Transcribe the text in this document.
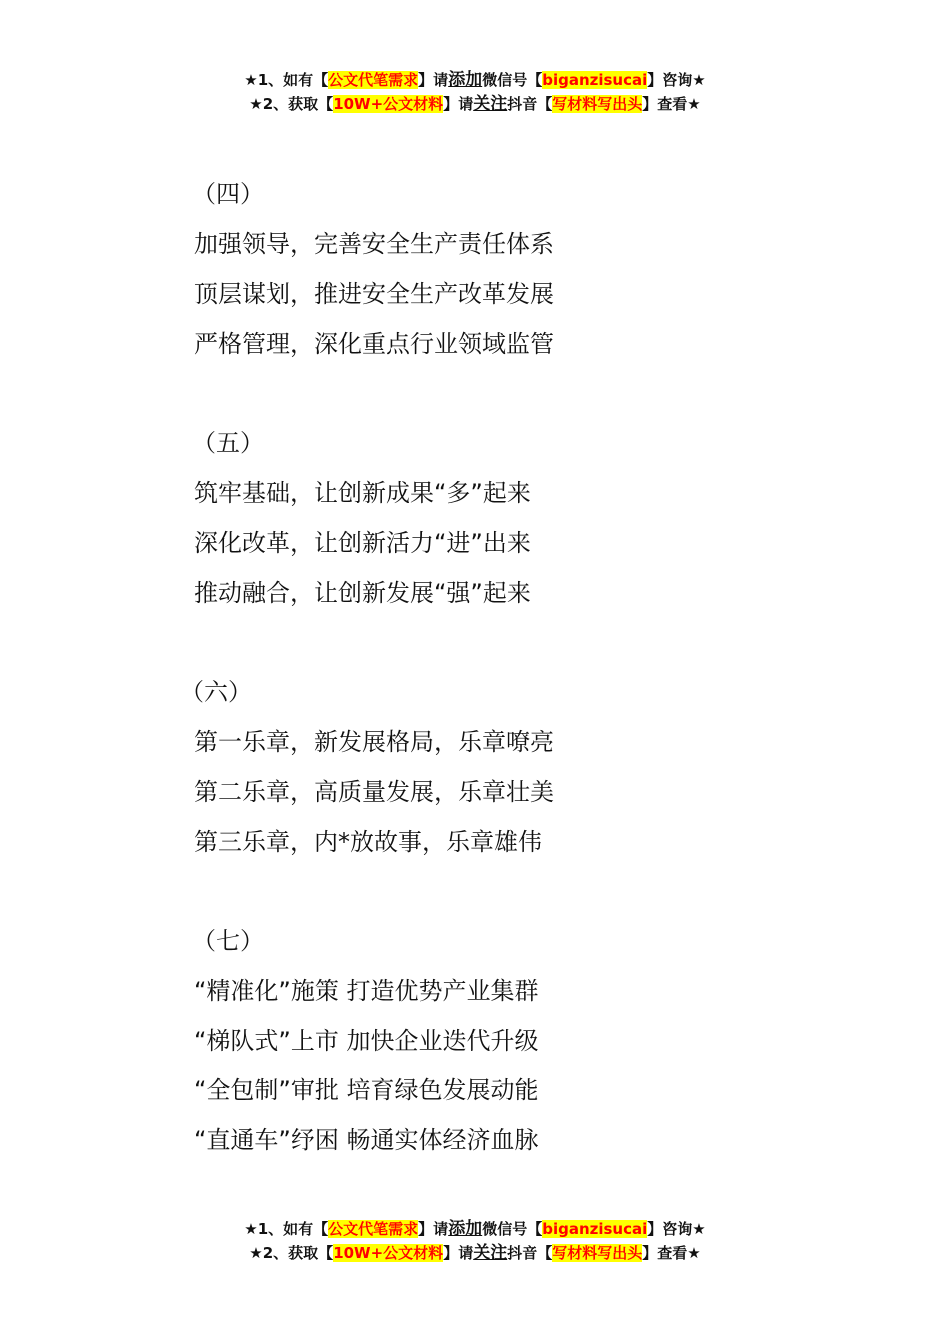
★1、如有【公文代笔需求】请添加微信号【biganzisucai】咨询★
★2、获取【10W+公文材料】请关注抖音【写材料写出头】查看★
（四）
加强领导，完善安全生产责任体系
顶层谋划，推进安全生产改革发展
严格管理，深化重点行业领域监管
（五）
筑牢基础，让创新成果“多”起来
深化改革，让创新活力“进”出来
推动融合，让创新发展“强”起来
（六）
第一乐章，新发展格局，乐章嘹亮
第二乐章，高质量发展，乐章壮美
第三乐章，内*放故事，乐章雄伟
（七）
“精准化”施策 打造优势产业集群
“梯队式”上市 加快企业迭代升级
“全包制”审批 培育绿色发展动能
“直通车”纾困 畅通实体经济血脉
★1、如有【公文代笔需求】请添加微信号【biganzisucai】咨询★
★2、获取【10W+公文材料】请关注抖音【写材料写出头】查看★
